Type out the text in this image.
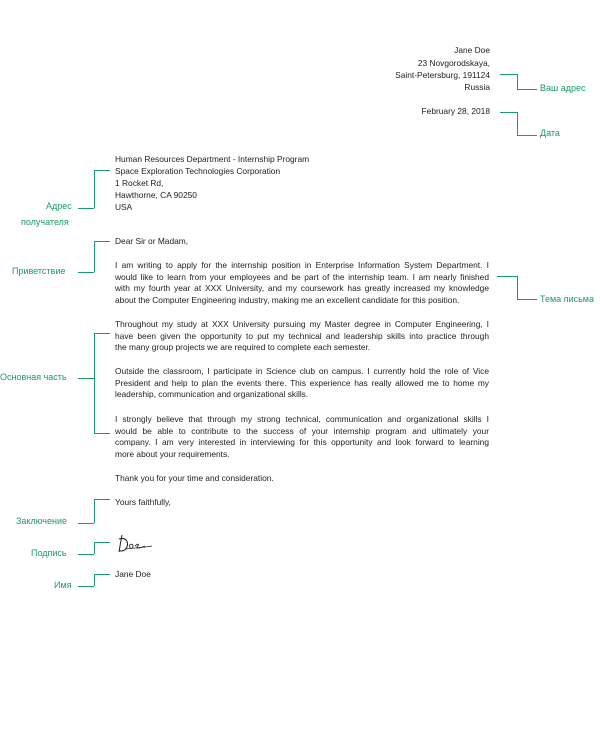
Jane Doe
23 Novgorodskaya,
Saint-Petersburg, 191124
Russia
February 28, 2018
Human Resources Department - Internship Program
Space Exploration Technologies Corporation
1 Rocket Rd,
Hawthorne, CA 90250
USA
Dear Sir or Madam,
I am writing to apply for the internship position in Enterprise Information System Department. I
would like to learn from your employees and be part of the internship team. I am nearly finished
with my fourth year at XXX University, and my coursework has greatly increased my knowledge
about the Computer Engineering industry, making me an excellent candidate for this position.
Throughout my study at XXX University pursuing my Master degree in Computer Engineering, I
have been given the opportunity to put my technical and leadership skills into practice through
the many group projects we are required to complete each semester.
Outside the classroom, I participate in Science club on campus. I currently hold the role of Vice
President and help to plan the events there. This experience has really allowed me to home my
leadership, communication and organizational skills.
I strongly believe that through my strong technical, communication and organizational skills I
would be able to contribute to the success of your internship program and ultimately your
company. I am very interested in interviewing for this opportunity and look forward to learning
more about your requirements.
Thank you for your time and consideration.
Yours faithfully,
Jane Doe
Ваш адрес
Дата
Тема письма
Адрес
получателя
Приветствие
Основная часть
Заключение
Подпись
Имя
